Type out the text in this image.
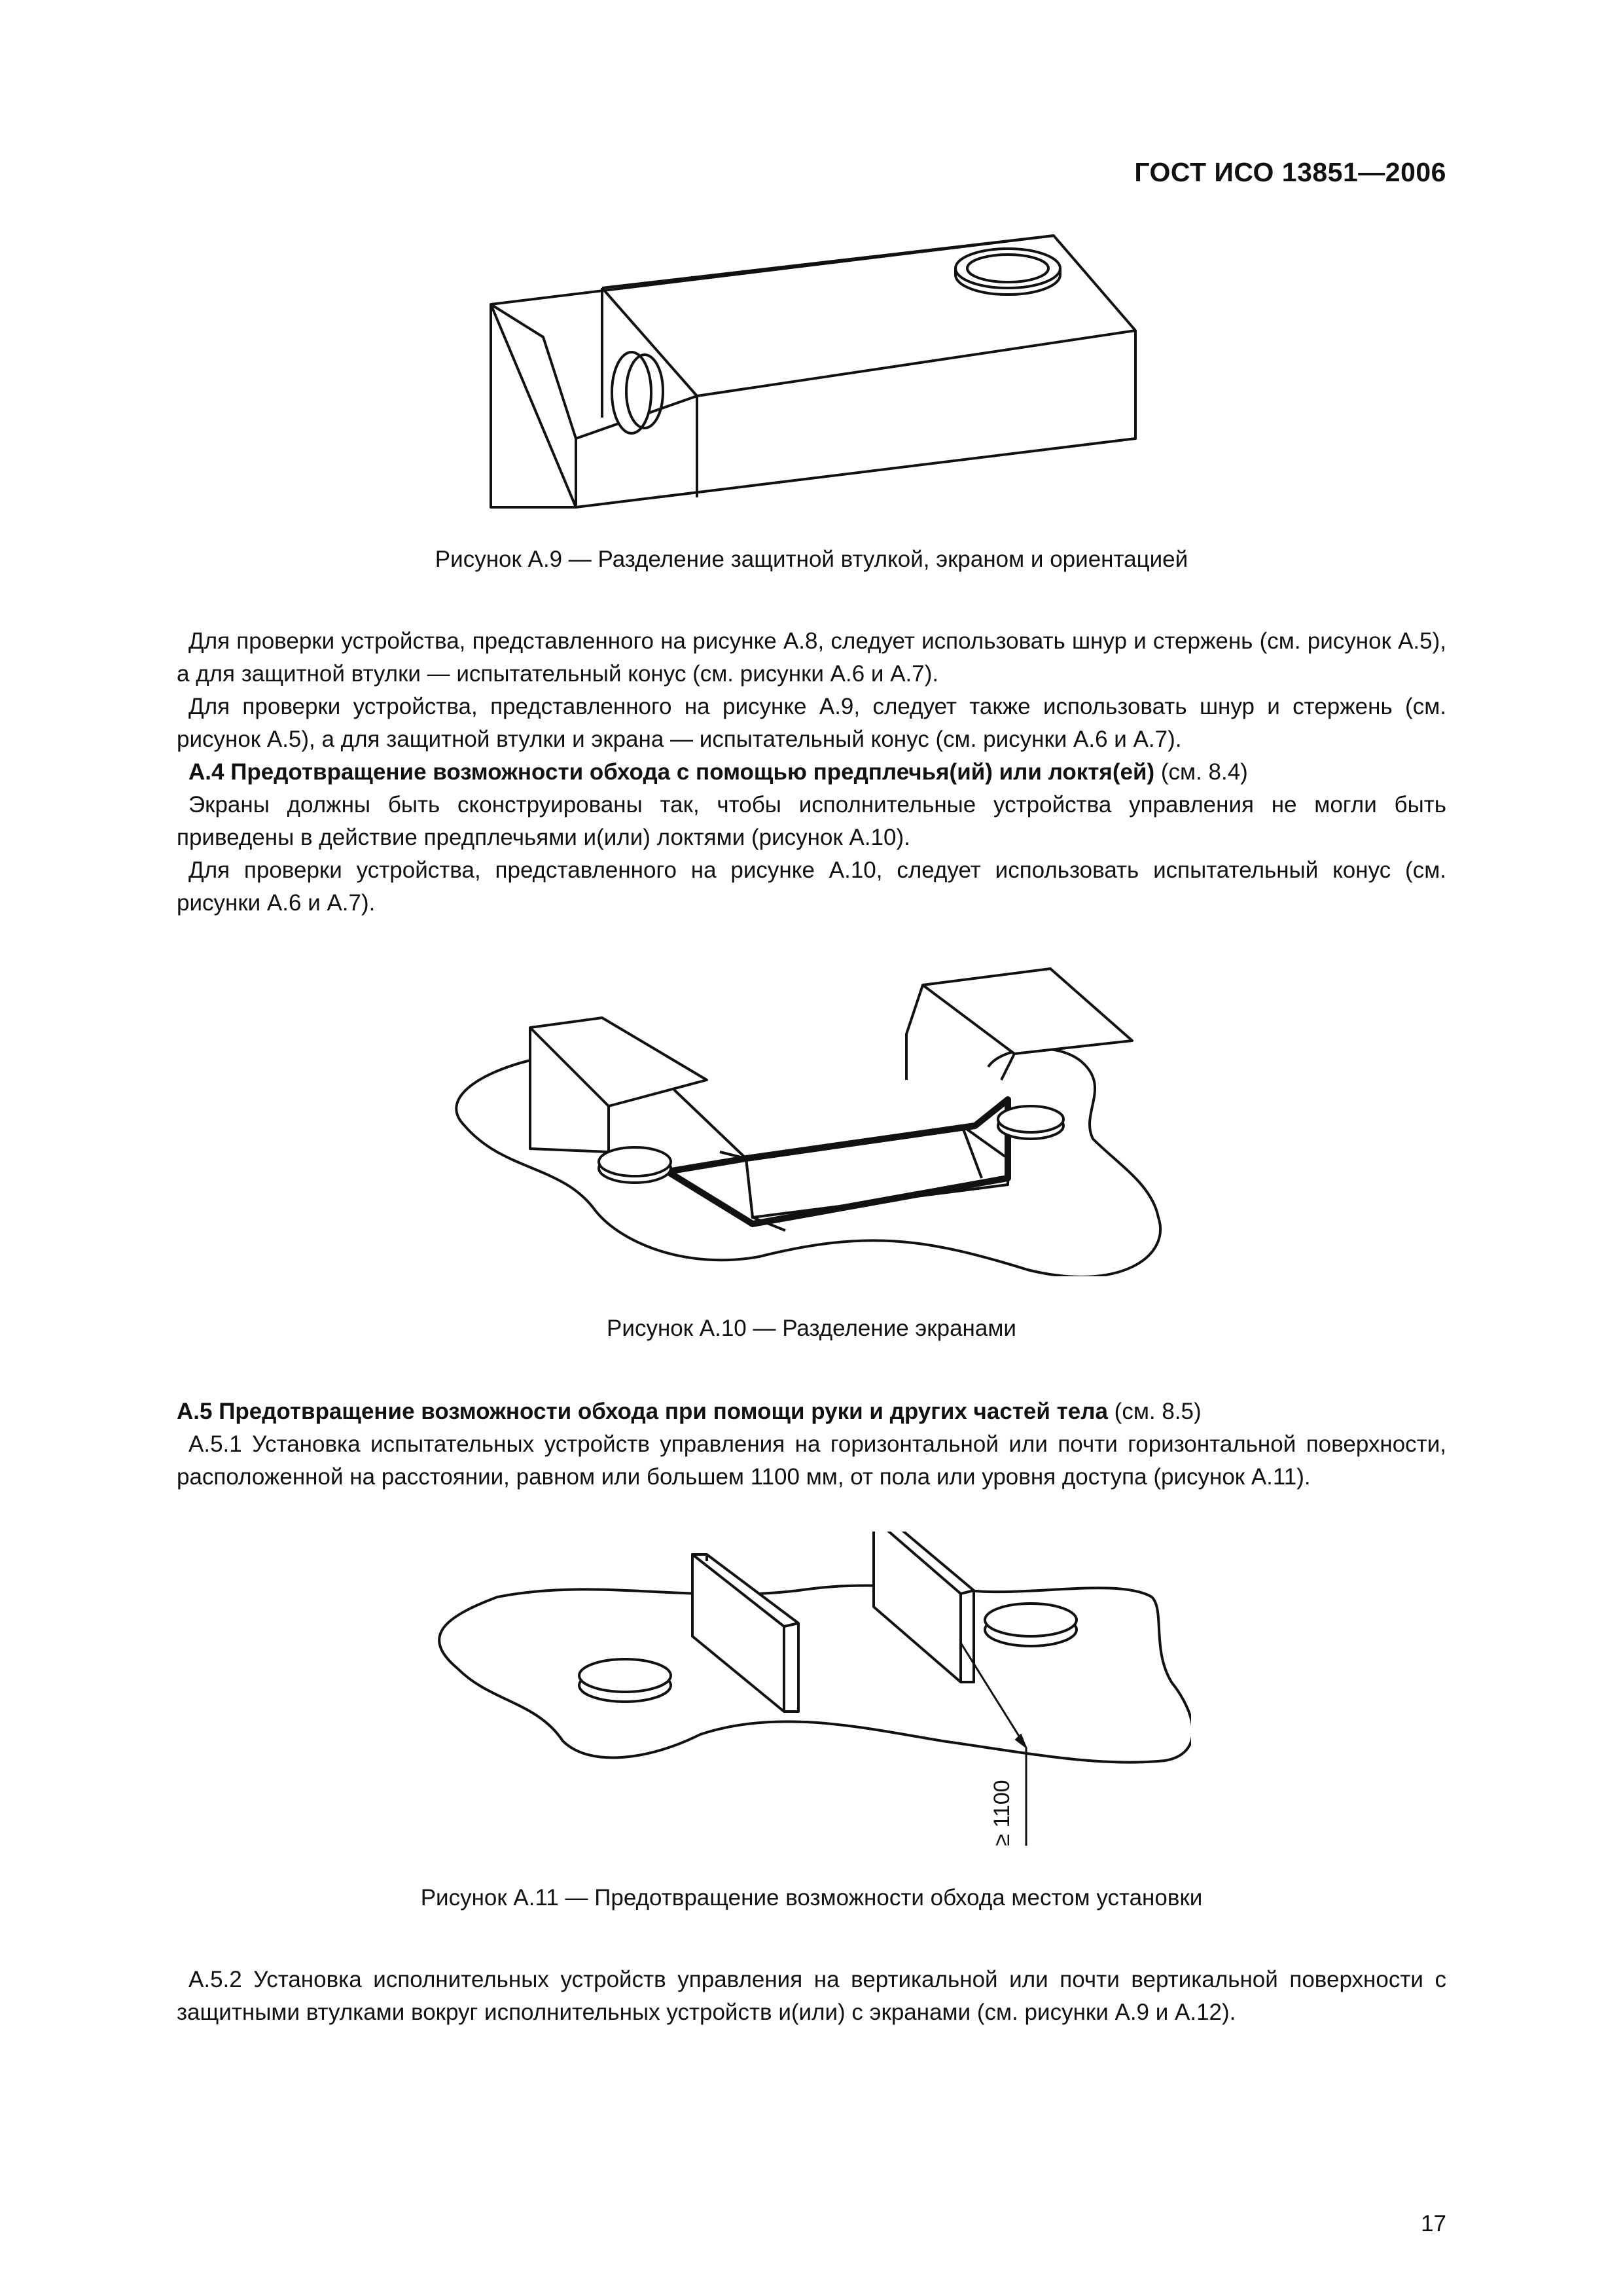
ГОСТ ИСО 13851—2006
Рисунок А.9 — Разделение защитной втулкой, экраном и ориентацией

Для проверки устройства, представленного на рисунке А.8, следует использовать шнур и стержень (см. рисунок А.5), а для защитной втулки — испытательный конус (см. рисунки А.6 и А.7).

Для проверки устройства, представленного на рисунке А.9, следует также использовать шнур и стержень (см. рисунок А.5), а для защитной втулки и экрана — испытательный конус (см. рисунки А.6 и А.7).

А.4 Предотвращение возможности обхода с помощью предплечья(ий) или локтя(ей) (см. 8.4)

Экраны должны быть сконструированы так, чтобы исполнительные устройства управления не могли быть приведены в действие предплечьями и(или) локтями (рисунок А.10).

Для проверки устройства, представленного на рисунке А.10, следует использовать испытательный конус (см. рисунки А.6 и А.7).

Рисунок А.10 — Разделение экранами

А.5 Предотвращение возможности обхода при помощи руки и других частей тела (см. 8.5)

А.5.1 Установка испытательных устройств управления на горизонтальной или почти горизонтальной поверхности, расположенной на расстоянии, равном или большем 1100 мм, от пола или уровня доступа (рисунок А.11).

≥ 1100
Рисунок А.11 — Предотвращение возможности обхода местом установки

А.5.2 Установка исполнительных устройств управления на вертикальной или почти вертикальной поверхности с защитными втулками вокруг исполнительных устройств и(или) с экранами (см. рисунки А.9 и А.12).

17
